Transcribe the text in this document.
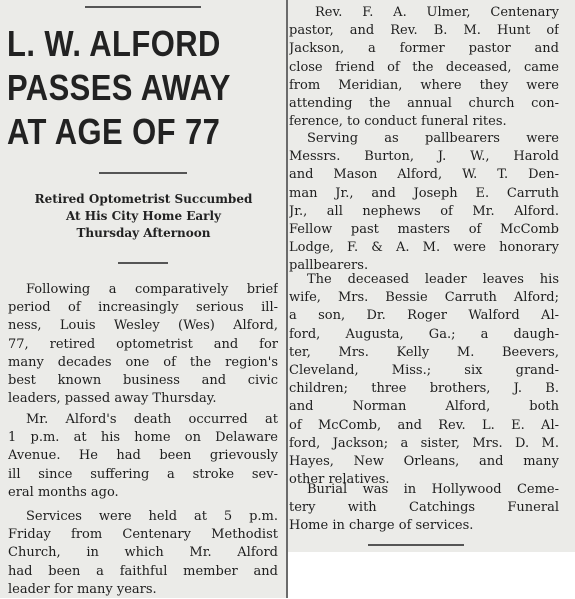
L. W. ALFORD
PASSES AWAY
AT AGE OF 77
Retired Optometrist Succumbed
At His City Home Early
Thursday Afternoon
Following a comparatively brief
period of increasingly serious ill-
ness, Louis Wesley (Wes) Alford,
77, retired optometrist and for
many decades one of the region's
best known business and civic
leaders, passed away Thursday.
Mr. Alford's death occurred at
1 p.m. at his home on Delaware
Avenue. He had been grievously
ill since suffering a stroke sev-
eral months ago.
Services were held at 5 p.m.
Friday from Centenary Methodist
Church, in which Mr. Alford
had been a faithful member and
leader for many years.
Rev. F. A. Ulmer, Centenary
pastor, and Rev. B. M. Hunt of
Jackson, a former pastor and
close friend of the deceased, came
from Meridian, where they were
attending the annual church con-
ference, to conduct funeral rites.
Serving as pallbearers were
Messrs. Burton, J. W., Harold
and Mason Alford, W. T. Den-
man Jr., and Joseph E. Carruth
Jr., all nephews of Mr. Alford.
Fellow past masters of McComb
Lodge, F. & A. M. were honorary
pallbearers.
The deceased leader leaves his
wife, Mrs. Bessie Carruth Alford;
a son, Dr. Roger Walford Al-
ford, Augusta, Ga.; a daugh-
ter, Mrs. Kelly M. Beevers,
Cleveland, Miss.; six grand-
children; three brothers, J. B.
and Norman Alford, both
of McComb, and Rev. L. E. Al-
ford, Jackson; a sister, Mrs. D. M.
Hayes, New Orleans, and many
other relatives.
Burial was in Hollywood Ceme-
tery with Catchings Funeral
Home in charge of services.
